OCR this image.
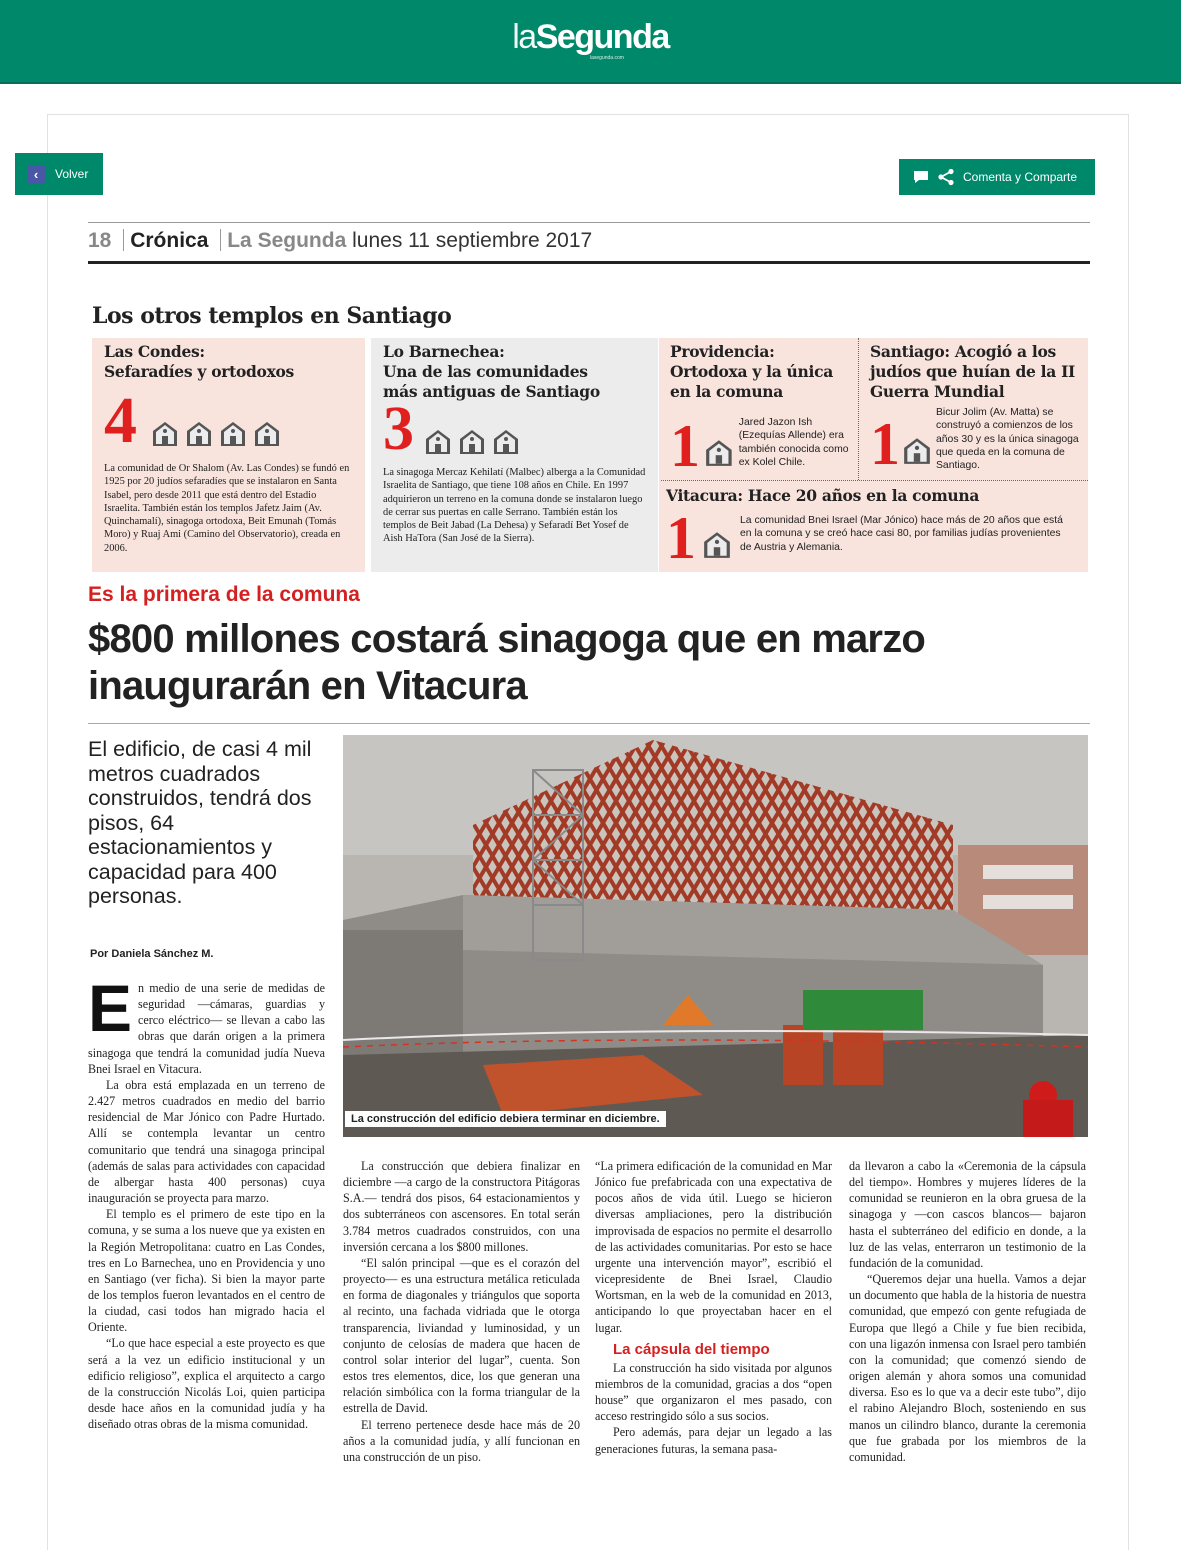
laSegunda
lasegunda.com
‹	Volver	Comenta y Comparte
18 Crónica La Segunda lunes 11 septiembre 2017
Los otros templos en Santiago
Las Condes:
Sefaradíes y ortodoxos
4
La comunidad de Or Shalom (Av. Las Condes) se fundó en 1925 por 20 judíos sefaradíes que se instalaron en Santa Isabel, pero desde 2011 que está dentro del Estadio Israelita. También están los templos Jafetz Jaim (Av. Quinchamalí), sinagoga ortodoxa, Beit Emunah (Tomás Moro) y Ruaj Ami (Camino del Observatorio), creada en 2006.
Lo Barnechea:
Una de las comunidades
más antiguas de Santiago
3
La sinagoga Mercaz Kehilatí (Malbec) alberga a la Comunidad Israelita de Santiago, que tiene 108 años en Chile. En 1997 adquirieron un terreno en la comuna donde se instalaron luego de cerrar sus puertas en calle Serrano. También están los templos de Beit Jabad (La Dehesa) y Sefaradí Bet Yosef de Aish HaTora (San José de la Sierra).
Providencia:
Ortodoxa y la única
en la comuna
1	Jared Jazon Ish (Ezequías Allende) era también conocida como ex Kolel Chile.
Santiago: Acogió a los judíos que huían de la II Guerra Mundial
1	Bicur Jolim (Av. Matta) se construyó a comienzos de los años 30 y es la única sinagoga que queda en la comuna de Santiago.
Vitacura: Hace 20 años en la comuna
1	La comunidad Bnei Israel (Mar Jónico) hace más de 20 años que está en la comuna y se creó hace casi 80, por familias judías provenientes de Austria y Alemania.
Es la primera de la comuna
$800 millones costará sinagoga que en marzo inaugurarán en Vitacura
El edificio, de casi 4 mil metros cuadrados construidos, tendrá dos pisos, 64 estacionamientos y capacidad para 400 personas.
Por Daniela Sánchez M.
La construcción del edificio debiera terminar en diciembre.

En medio de una serie de medidas de seguridad —cámaras, guardias y cerco eléctrico— se llevan a cabo las obras que darán origen a la primera sinagoga que tendrá la comunidad judía Nueva Bnei Israel en Vitacura.

La obra está emplazada en un terreno de 2.427 metros cuadrados en medio del barrio residencial de Mar Jónico con Padre Hurtado. Allí se contempla levantar un centro comunitario que tendrá una sinagoga principal (además de salas para actividades con capacidad de albergar hasta 400 personas) cuya inauguración se proyecta para marzo.

El templo es el primero de este tipo en la comuna, y se suma a los nueve que ya existen en la Región Metropolitana: cuatro en Las Condes, tres en Lo Barnechea, uno en Providencia y uno en Santiago (ver ficha). Si bien la mayor parte de los templos fueron levantados en el centro de la ciudad, casi todos han migrado hacia el Oriente.

“Lo que hace especial a este proyecto es que será a la vez un edificio institucional y un edificio religioso”, explica el arquitecto a cargo de la construcción Nicolás Loi, quien participa desde hace años en la comunidad judía y ha diseñado otras obras de la misma comunidad.

La construcción que debiera finalizar en diciembre —a cargo de la constructora Pitágoras S.A.— tendrá dos pisos, 64 estacionamientos y dos subterráneos con ascensores. En total serán 3.784 metros cuadrados construidos, con una inversión cercana a los $800 millones.

“El salón principal —que es el corazón del proyecto— es una estructura metálica reticulada en forma de diagonales y triángulos que soporta al recinto, una fachada vidriada que le otorga transparencia, liviandad y luminosidad, y un conjunto de celosías de madera que hacen de control solar interior del lugar”, cuenta. Son estos tres elementos, dice, los que generan una relación simbólica con la forma triangular de la estrella de David.

El terreno pertenece desde hace más de 20 años a la comunidad judía, y allí funcionan en una construcción de un piso.

“La primera edificación de la comunidad en Mar Jónico fue prefabricada con una expectativa de pocos años de vida útil. Luego se hicieron diversas ampliaciones, pero la distribución improvisada de espacios no permite el desarrollo de las actividades comunitarias. Por esto se hace urgente una intervención mayor”, escribió el vicepresidente de Bnei Israel, Claudio Wortsman, en la web de la comunidad en 2013, anticipando lo que proyectaban hacer en el lugar.

La cápsula del tiempo

La construcción ha sido visitada por algunos miembros de la comunidad, gracias a dos “open house” que organizaron el mes pasado, con acceso restringido sólo a sus socios.

Pero además, para dejar un legado a las generaciones futuras, la semana pasa-

da llevaron a cabo la «Ceremonia de la cápsula del tiempo». Hombres y mujeres líderes de la comunidad se reunieron en la obra gruesa de la sinagoga y —con cascos blancos— bajaron hasta el subterráneo del edificio en donde, a la luz de las velas, enterraron un testimonio de la fundación de la comunidad.

“Queremos dejar una huella. Vamos a dejar un documento que habla de la historia de nuestra comunidad, que empezó con gente refugiada de Europa que llegó a Chile y fue bien recibida, con una ligazón inmensa con Israel pero también con la comunidad; que comenzó siendo de origen alemán y ahora somos una comunidad diversa. Eso es lo que va a decir este tubo”, dijo el rabino Alejandro Bloch, sosteniendo en sus manos un cilindro blanco, durante la ceremonia que fue grabada por los miembros de la comunidad.
